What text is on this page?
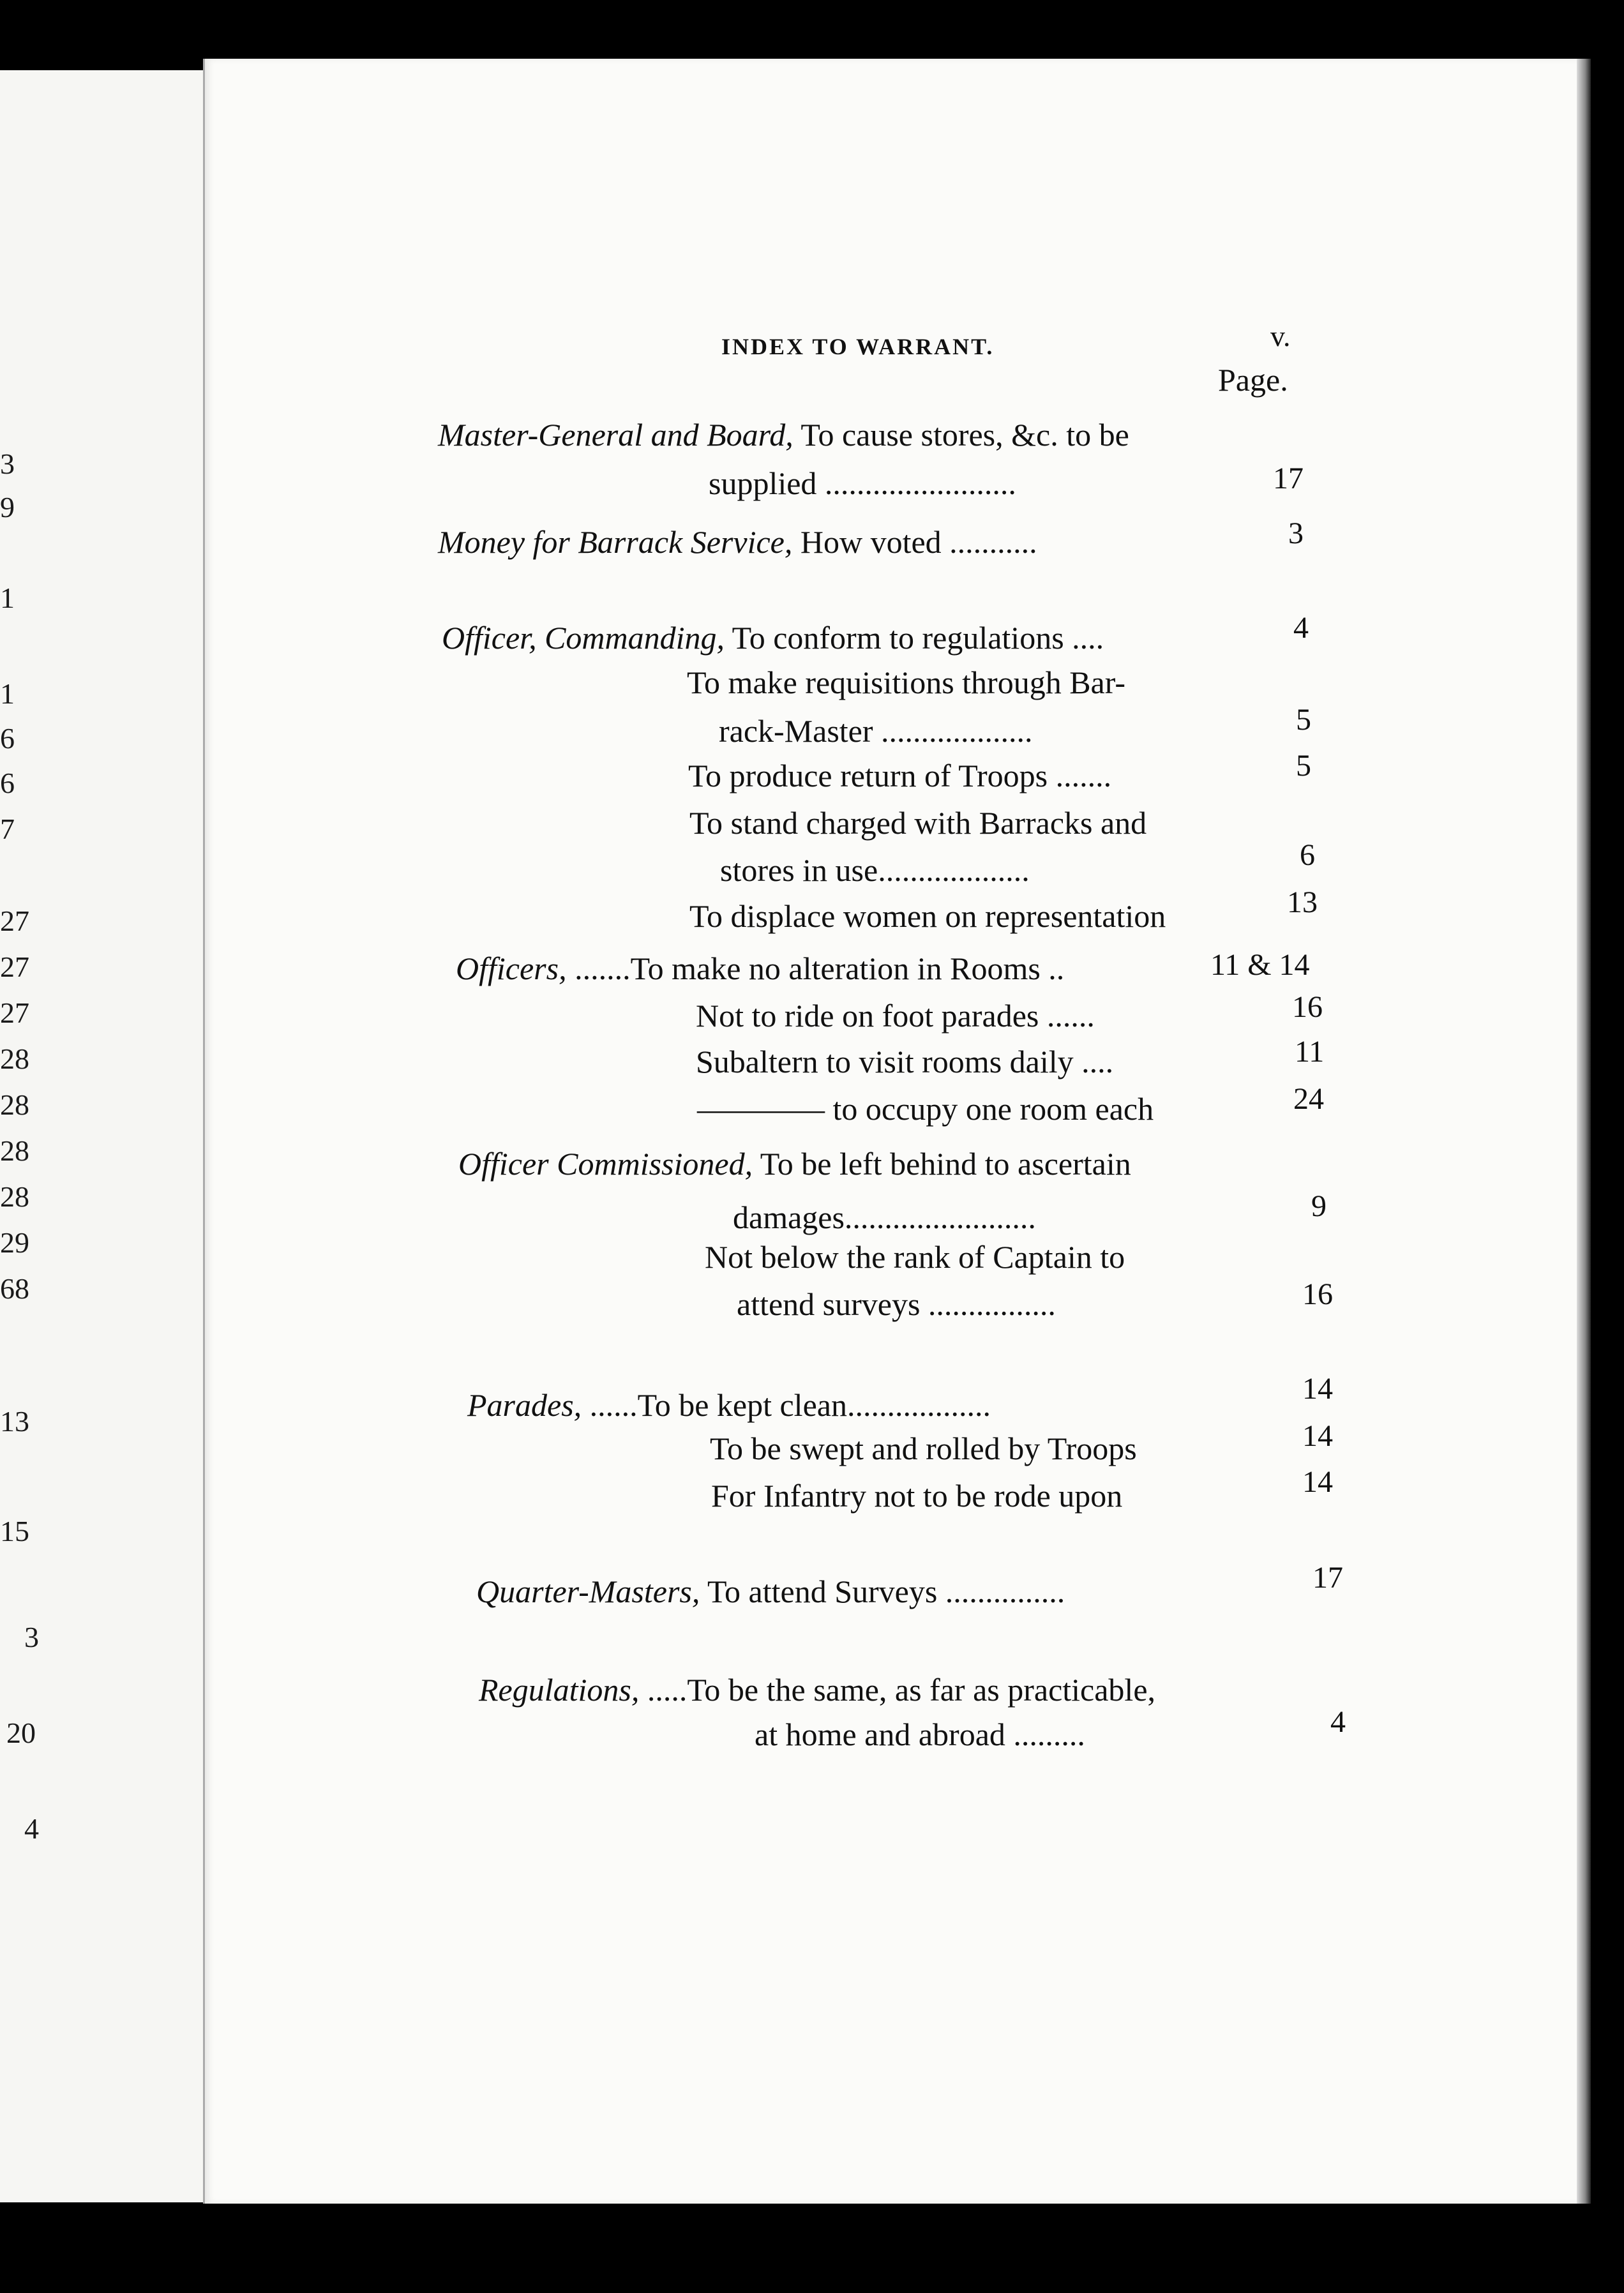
3
9
1
1
6
6
7
27
27
27
28
28
28
28
29
68
13
15
3
20
4
INDEX TO WARRANT.	v.
Page.
Master-General and Board, To cause stores, &c. to be
supplied ........................	17
Money for Barrack Service, How voted ...........	3
Officer, Commanding, To conform to regulations ....	4
To make requisitions through Bar-
rack-Master ...................	5
To produce return of Troops .......	5
To stand charged with Barracks and
stores in use...................	6
To displace women on representation	13
Officers, .......To make no alteration in Rooms ..	11 & 14
Not to ride on foot parades ......	16
Subaltern to visit rooms daily ....	11
———— to occupy one room each	24
Officer Commissioned, To be left behind to ascertain
damages........................	9
Not below the rank of Captain to
attend surveys ................	16
Parades, ......To be kept clean..................	14
To be swept and rolled by Troops	14
For Infantry not to be rode upon	14
Quarter-Masters, To attend Surveys ...............	17
Regulations, .....To be the same, as far as practicable,
at home and abroad .........	4
